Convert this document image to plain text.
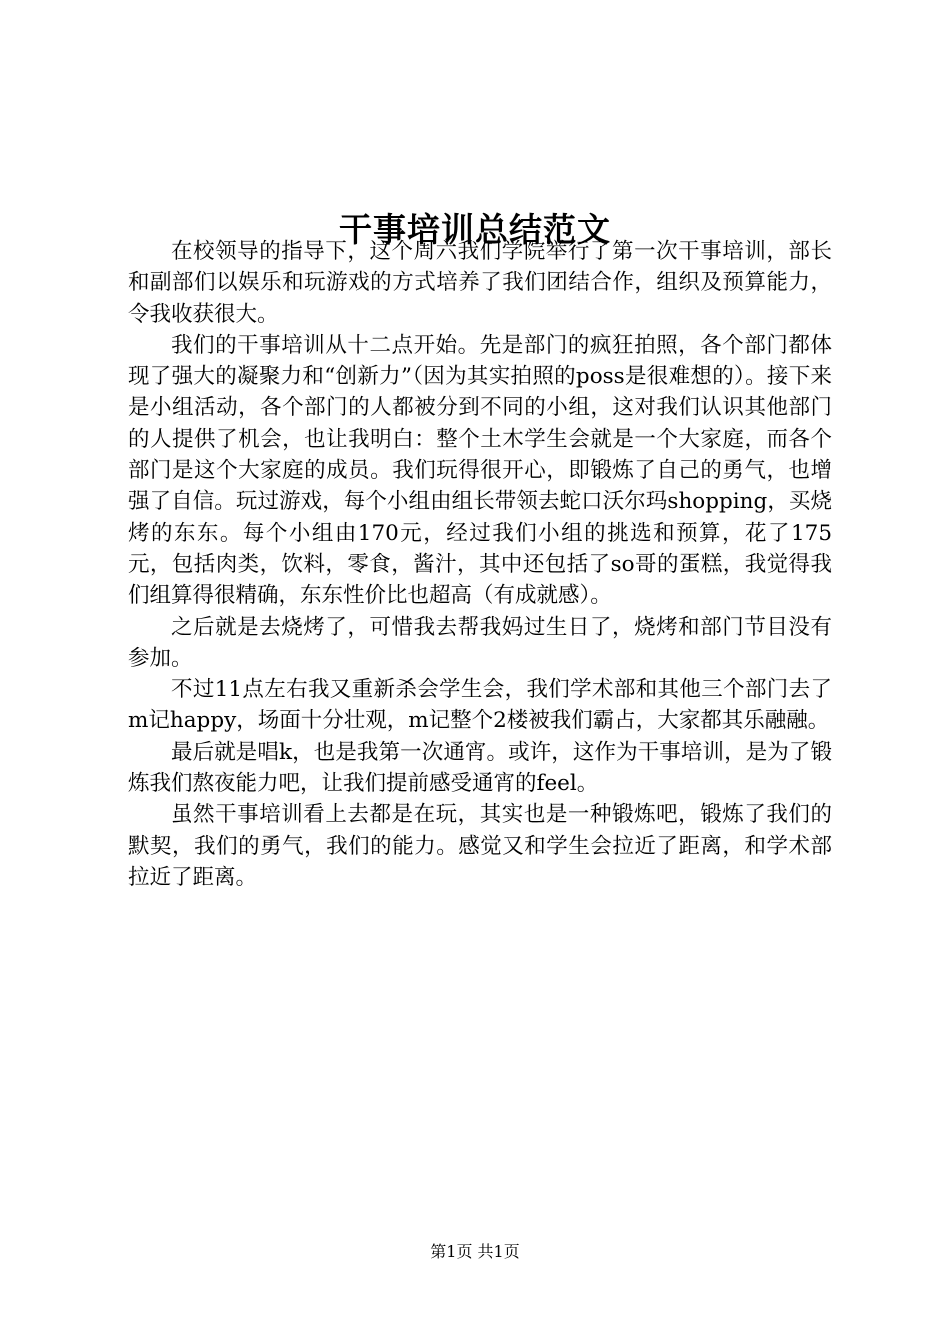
干事培训总结范文

在校领导的指导下，这个周六我们学院举行了第一次干事培训，部长和副部们以娱乐和玩游戏的方式培养了我们团结合作，组织及预算能力，令我收获很大。

我们的干事培训从十二点开始。先是部门的疯狂拍照，各个部门都体现了强大的凝聚力和“创新力”（因为其实拍照的poss是很难想的）。接下来是小组活动，各个部门的人都被分到不同的小组，这对我们认识其他部门的人提供了机会，也让我明白：整个土木学生会就是一个大家庭，而各个部门是这个大家庭的成员。我们玩得很开心，即锻炼了自己的勇气，也增强了自信。玩过游戏，每个小组由组长带领去蛇口沃尔玛shopping，买烧烤的东东。每个小组由170元，经过我们小组的挑选和预算，花了175元，包括肉类，饮料，零食，酱汁，其中还包括了so哥的蛋糕，我觉得我们组算得很精确，东东性价比也超高（有成就感）。

之后就是去烧烤了，可惜我去帮我妈过生日了，烧烤和部门节目没有参加。

不过11点左右我又重新杀会学生会，我们学术部和其他三个部门去了m记happy，场面十分壮观，m记整个2楼被我们霸占，大家都其乐融融。

最后就是唱k，也是我第一次通宵。或许，这作为干事培训，是为了锻炼我们熬夜能力吧，让我们提前感受通宵的feel。

虽然干事培训看上去都是在玩，其实也是一种锻炼吧，锻炼了我们的默契，我们的勇气，我们的能力。感觉又和学生会拉近了距离，和学术部拉近了距离。

第1页 共1页
